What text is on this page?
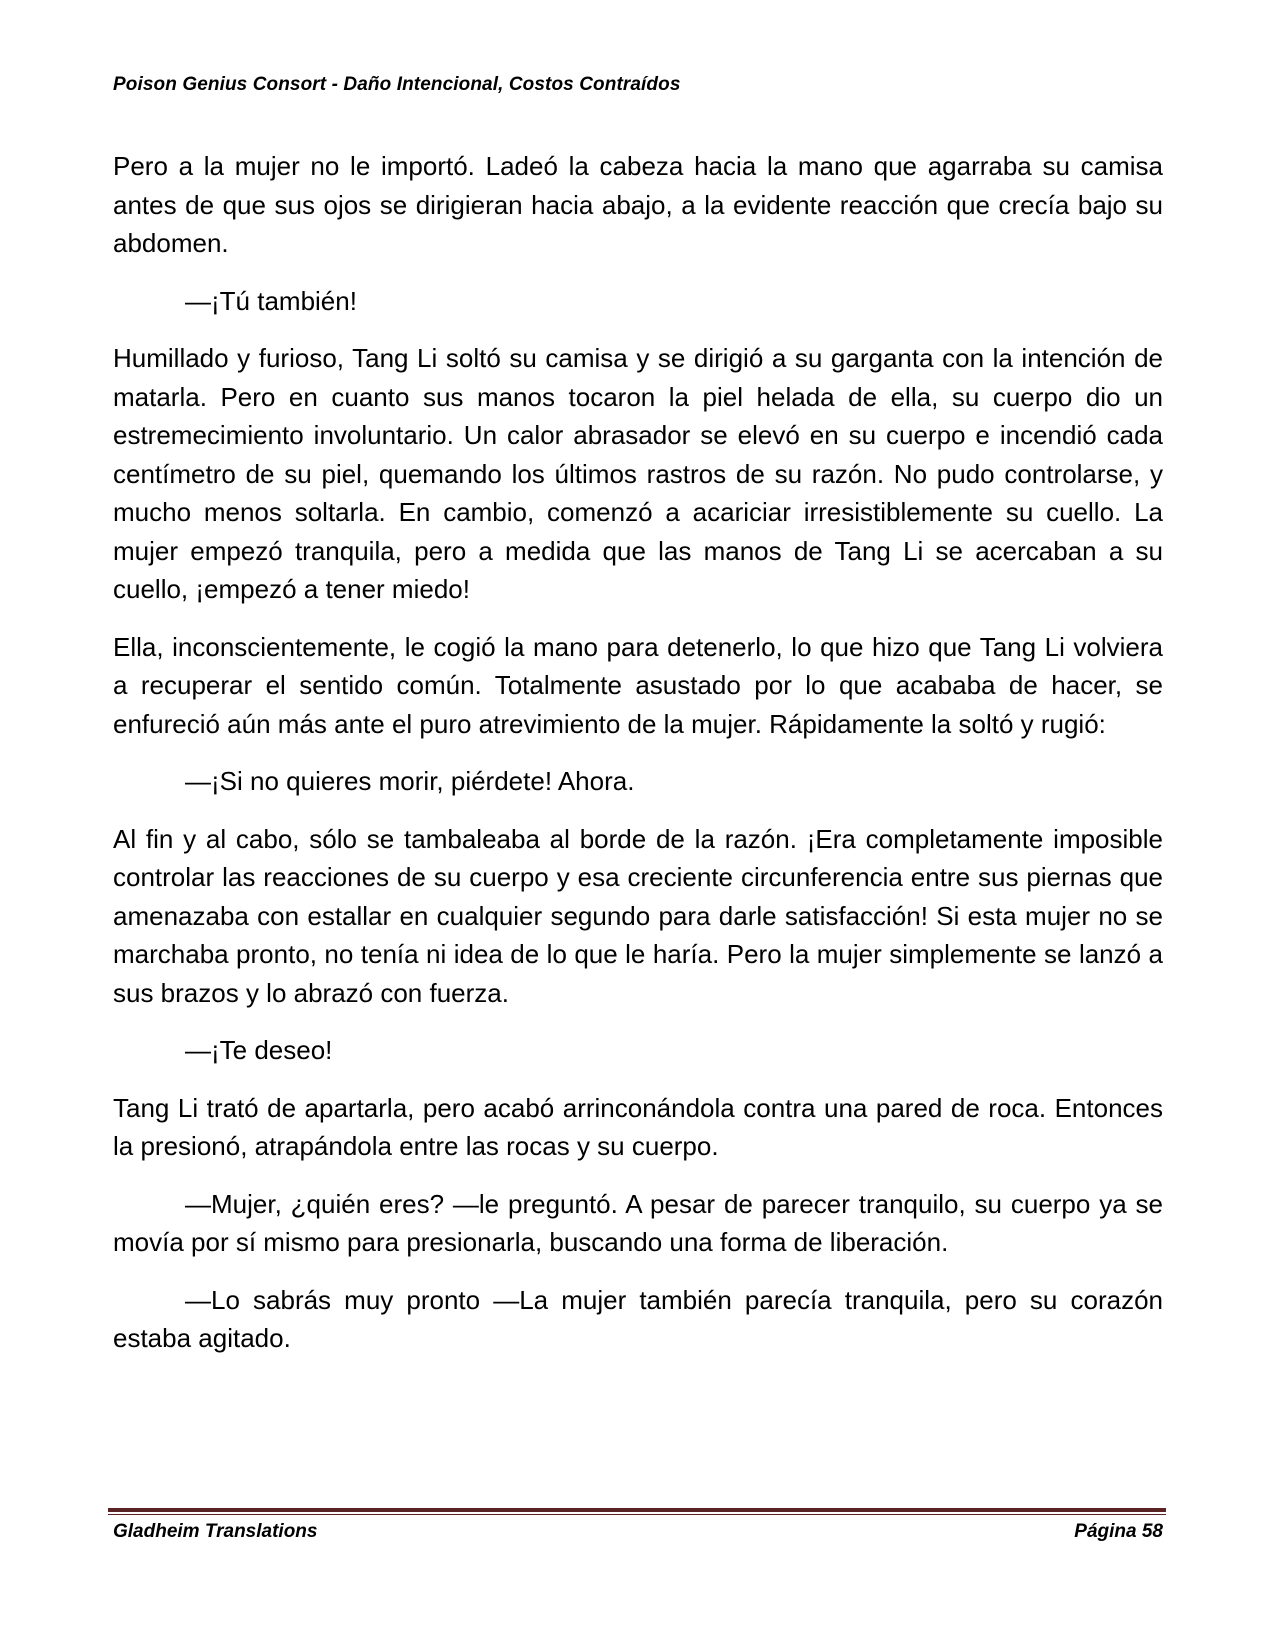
Poison Genius Consort - Daño Intencional, Costos Contraídos

Pero a la mujer no le importó. Ladeó la cabeza hacia la mano que agarraba su camisa antes de que sus ojos se dirigieran hacia abajo, a la evidente reacción que crecía bajo su abdomen.

—¡Tú también!

Humillado y furioso, Tang Li soltó su camisa y se dirigió a su garganta con la intención de matarla. Pero en cuanto sus manos tocaron la piel helada de ella, su cuerpo dio un estremecimiento involuntario. Un calor abrasador se elevó en su cuerpo e incendió cada centímetro de su piel, quemando los últimos rastros de su razón. No pudo controlarse, y mucho menos soltarla. En cambio, comenzó a acariciar irresistiblemente su cuello. La mujer empezó tranquila, pero a medida que las manos de Tang Li se acercaban a su cuello, ¡empezó a tener miedo!

Ella, inconscientemente, le cogió la mano para detenerlo, lo que hizo que Tang Li volviera a recuperar el sentido común. Totalmente asustado por lo que acababa de hacer, se enfureció aún más ante el puro atrevimiento de la mujer. Rápidamente la soltó y rugió:

—¡Si no quieres morir, piérdete! Ahora.

Al fin y al cabo, sólo se tambaleaba al borde de la razón. ¡Era completamente imposible controlar las reacciones de su cuerpo y esa creciente circunferencia entre sus piernas que amenazaba con estallar en cualquier segundo para darle satisfacción! Si esta mujer no se marchaba pronto, no tenía ni idea de lo que le haría. Pero la mujer simplemente se lanzó a sus brazos y lo abrazó con fuerza.

—¡Te deseo!

Tang Li trató de apartarla, pero acabó arrinconándola contra una pared de roca. Entonces la presionó, atrapándola entre las rocas y su cuerpo.

—Mujer, ¿quién eres? —le preguntó. A pesar de parecer tranquilo, su cuerpo ya se movía por sí mismo para presionarla, buscando una forma de liberación.

—Lo sabrás muy pronto —La mujer también parecía tranquila, pero su corazón estaba agitado.

Gladheim Translations	Página 58
